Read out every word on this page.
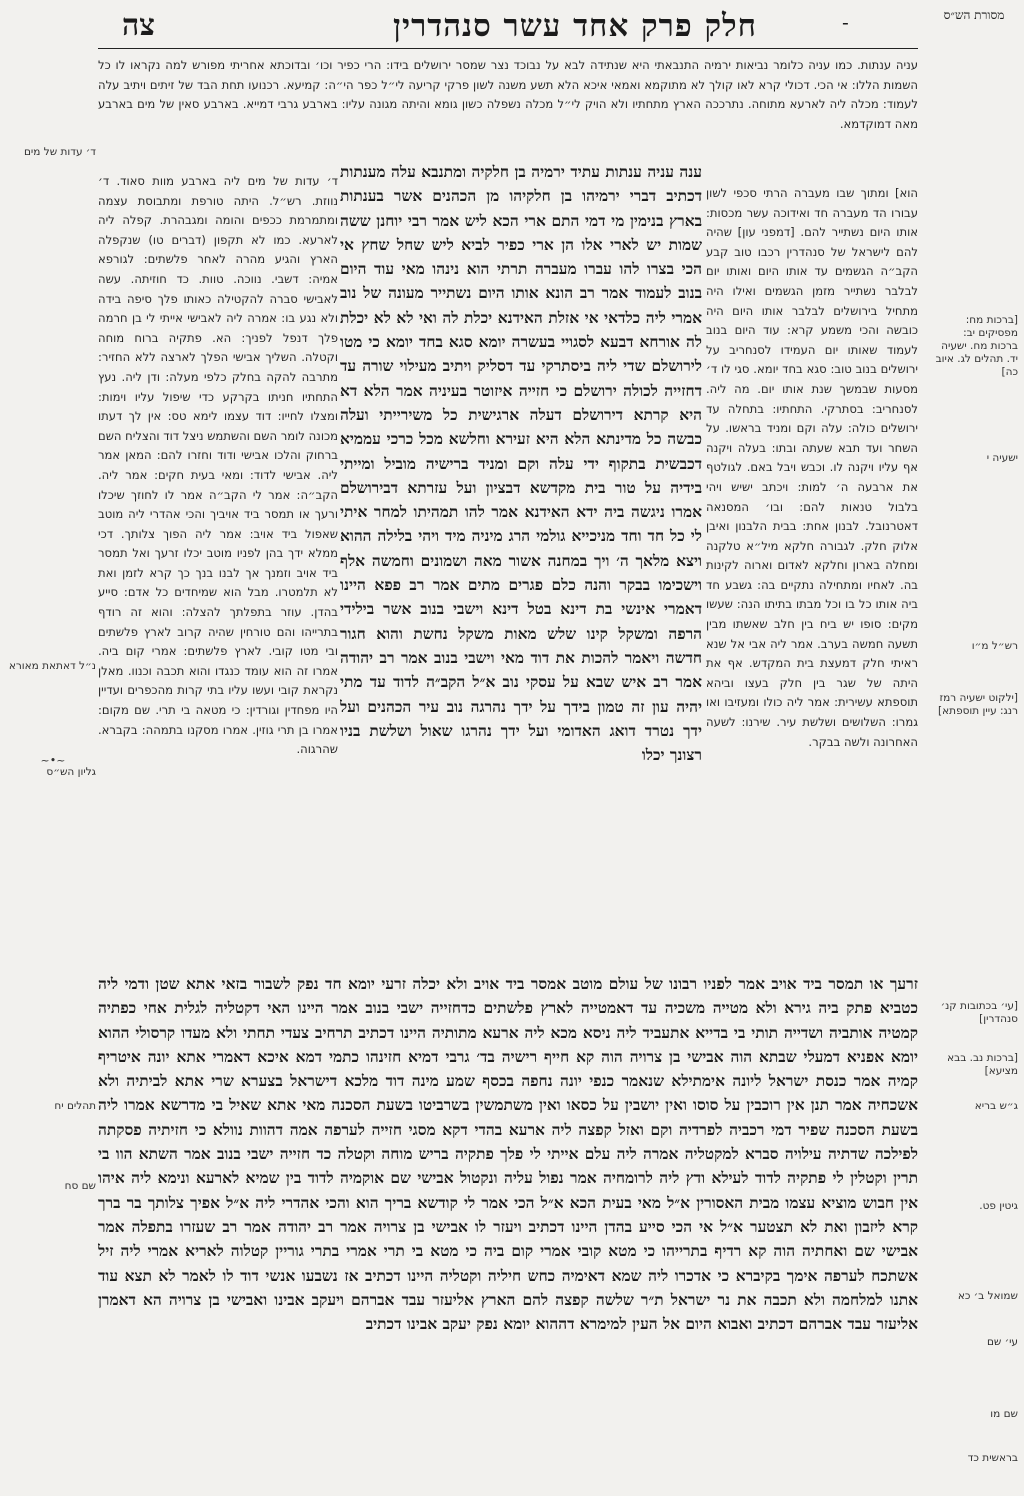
צה	חלק פרק אחד עשר סנהדרין	-	מסורת הש״ס
עניה ענתות. כמו עניה כלומר נביאות ירמיה התנבאתי היא שנתידה לבא על נבוכד נצר שמסר ירושלים בידו: הרי כפיר וכו׳ ובדוכתא אחריתי מפורש למה נקראו לו כל השמות הללו: אי הכי. דכולי קרא לאו קולך לא מתוקמא ואמאי איכא הלא תשע משנה לשון פרקי קריעה לי״ל כפר הי״ה: קמיעא. רכנועו תחת הבד של זיתים ויתיב עלה לעמוד: מכלה ליה לארעא מתוחה. נתרככה הארץ מתחתיו ולא הויק לי״ל מכלה נשפלה כשון גומא והיתה מגונה עליו: בארבע גרבי דמייא. בארבע סאין של מים בארבע מאה דמוקדמא.
הוא] ומתוך שבו מעברה הרתי סכפי לשון עבורו הד מעברה חד ואידוכה עשר מכסות: אותו היום נשתייר להם. [דמפני עון] שהיה להם לישראל של סנהדרין רכבו טוב קבע הקב״ה הגשמים עד אותו היום ואותו יום לבלבר נשתייר מזמן הגשמים ואילו היה מתחיל בירושלים לבלבר אותו היום היה כובשה והכי משמע קרא: עוד היום בנוב לעמוד שאותו יום העמידו לסנחריב על ירושלים בנוב טוב: סגא בחד יומא. סגי לו ד׳ מסעות שבמשך שנת אותו יום. מה ליה. לסנחריב: בסתרקי. התחתיו: בתחלה עד ירושלים כולה: עלה וקם ומניד בראשו. על השחר ועד תבא שעתה ובתו: בעלה ויקנה אף עליו ויקנה לו. וכבש ויבל באם. לגולטף את ארבעה ה׳ למות: ויכתב ישיש ויהי בלבול טנאות להם: ובו׳ המסנאה דאטרנובל. לבנון אחת: בבית הלבנון ואיבן אלוק חלק. לגבורה חלקא מיל״א טלקנה ומחלה בארון וחלקא לאדום וארוה לקינות בה. לאחיו ומתחילה נתקיים בה: גשבע חד ביה אותו כל בו וכל מבתו בתיתו הנה: שעשו מקים: סופו יש ביח בין חלב שאשתו מבין תשעה חמשה בערב. אמר ליה אבי אל שנא ראיתי חלק דמעצת בית המקדש. אף את היתה של שגר בין חלק בעצו וביהא תוספתא עשירית: אמר ליה כולו ומעזיבו ואו גמרו: השלושים ושלשת עיר. שירנו: לשעה האחרונה ולשה בבקר.
ד׳ עדות של מים ליה בארבע מוות סאוד. ד׳ נווזת. רש״ל. היתה טורפת ומתבוסת עצמה ומתמרמת ככפים והומה ומגבהרת. קפלה ליה לארעא. כמו לא תקפון (דברים טו) שנקפלה הארץ והגיע מהרה לאחר פלשתים: לגורפא אמיה: דשבי. נווכה. טוות. כד חוזיתה. עשה לאבישי סברה להקטילה כאותו פלך סיפה בידה ולא נגע בו: אמרה ליה לאבישי אייתי לי בן חרמה פלך דנפל לפניך: הא. פתקיה ברוח מוחה וקטלה. השליך אבישי הפלך לארצה ללא החזיר: מתרבה להקה בחלק כלפי מעלה: ודן ליה. נעץ התחתיו חניתו בקרקע כדי שיפול עליו וימות: ומצלו לחייו: דוד עצמו לימא טס: אין לך דעתו מכונה לומר השם והשתמש ניצל דוד והצליח השם ברחוק והלכו אבישי ודוד וחזרו להם: המאן אמר ליה. אבישי לדוד: ומאי בעית חקים: אמר ליה. הקב״ה: אמר לי הקב״ה אמר לו לחוזך שיכלו ורעך או תמסר ביד אויביך והכי אהדרי ליה מוטב שאפול ביד אויב: אמר ליה הפוך צלותך. דכי ממלא ידך בהן לפניו מוטב יכלו זרעך ואל תמסר ביד אויב וזמנך אך לבנו בנך כך קרא לזמן ואת לא תלמטרו. מבל הוא שמיחדים כל אדם: סייע בהדן. עוזר בתפלתך להצלה: והוא זה רודף בתרייהו והם טורחין שהיה קרוב לארץ פלשתים ובי מטו קובי. לארץ פלשתים: אמרי קום ביה. אמרו זה הוא עומד כנגדו והוא תכבה וכנוו. מאלן נקראת קובי ועשו עליו בתי קרות מהכפרים ועדיין היו מפחדין וגורדין: כי מטאה בי תרי. שם מקום: אמרו בן תרי גוזין. אמרו מסקנו בתמהה: בקברא. שהרגוה.
ענה עניה ענתות עתיד ירמיה בן חלקיה ומתנבא עלה מענתות דכתיב דברי ירמיהו בן חלקיהו מן הכהנים אשר בענתות בארץ בנימין מי דמי התם ארי הכא ליש אמר רבי יוחנן ששה שמות יש לארי אלו הן ארי כפיר לביא ליש שחל שחץ אי הכי בצרו להו עברו מעברה תרתי הוא נינהו מאי עוד היום בנוב לעמוד אמר רב הונא אותו היום נשתייר מעונה של נוב אמרי ליה כלדאי אי אזלת האידנא יכלת לה ואי לא לא יכלת לה אורחא דבעא לסגויי בעשרה יומא סגא בחד יומא כי מטו לירושלם שדי ליה ביסתרקי עד דסליק ויתיב מעילוי שורה עד דחזייה לכולה ירושלם כי חזייה איזוטר בעיניה אמר הלא דא היא קרתא דירושלם דעלה ארגישית כל משירייתי ועלה כבשה כל מדינתא הלא היא זעירא וחלשא מכל כרכי עממיא דכבשית בתקוף ידי עלה וקם ומניד ברישיה מוביל ומייתי בידיה על טור בית מקדשא דבציון ועל עזרתא דבירושלם אמרו ניגשה ביה ידא האידנא אמר להו תמהיתו למחר איתי לי כל חד וחד מניכייא גולמי הרג מיניה מיד ויהי בלילה ההוא ויצא מלאך ה׳ ויך במחנה אשור מאה ושמונים וחמשה אלף וישכימו בבקר והנה כלם פגרים מתים אמר רב פפא היינו דאמרי אינשי בת דינא בטל דינא וישבי בנוב אשר בילידי הרפה ומשקל קינו שלש מאות משקל נחשת והוא חגור חדשה ויאמר להכות את דוד מאי וישבי בנוב אמר רב יהודה אמר רב איש שבא על עסקי נוב א״ל הקב״ה לדוד עד מתי יהיה עון זה טמון בידך על ידך נהרגה נוב עיר הכהנים ועל ידך נטרד דואג האדומי ועל ידך נהרגו שאול ושלשת בניו רצונך יכלו
זרעך או תמסר ביד אויב אמר לפניו רבונו של עולם מוטב אמסר ביד אויב ולא יכלה זרעי יומא חד נפק לשבור בזאי אתא שטן ודמי ליה כטביא פתק ביה גירא ולא מטייה משכיה עד דאמטייה לארץ פלשתים כדחזייה ישבי בנוב אמר היינו האי דקטליה לגלית אחי כפתיה קמטיה אותביה ושדייה תותי בי בדייא אתעביד ליה ניסא מכא ליה ארעא מתותיה היינו דכתיב תרחיב צעדי תחתי ולא מעדו קרסולי ההוא יומא אפניא דמעלי שבתא הוה אבישי בן צרויה הוה קא חייף רישיה בד׳ גרבי דמיא חזינהו כתמי דמא איכא דאמרי אתא יונה איטריף קמיה אמר כנסת ישראל ליונה אימתילא שנאמר כנפי יונה נחפה בכסף שמע מינה דוד מלכא דישראל בצערא שרי אתא לביתיה ולא אשכחיה אמר תנן אין רוכבין על סוסו ואין יושבין על כסאו ואין משתמשין בשרביטו בשעת הסכנה מאי אתא שאיל בי מדרשא אמרו ליה בשעת הסכנה שפיר דמי רכביה לפרדיה וקם ואזל קפצה ליה ארעא בהדי דקא מסגי חזייה לערפה אמה דהוות נוולא כי חזיתיה פסקתה לפילכה שדתיה עילויה סברא למקטליה אמרה ליה עלם אייתי לי פלך פתקיה בריש מוחה וקטלה כד חזייה ישבי בנוב אמר השתא הוו בי תרין וקטלין לי פתקיה לדוד לעילא ודץ ליה לרומחיה אמר נפול עליה ונקטול אבישי שם אוקמיה לדוד בין שמיא לארעא ונימא ליה איהו אין חבוש מוציא עצמו מבית האסורין א״ל מאי בעית הכא א״ל הכי אמר לי קודשא בריך הוא והכי אהדרי ליה א״ל אפיך צלותך בר ברך קרא ליזבון ואת לא תצטער א״ל אי הכי סייע בהדן היינו דכתיב ויעזר לו אבישי בן צרויה אמר רב יהודה אמר רב שעזרו בתפלה אמר אבישי שם ואחתיה הוה קא רדיף בתרייהו כי מטא קובי אמרי קום ביה כי מטא בי תרי אמרי בתרי גוריין קטלוה לאריא אמרי ליה זיל אשתכח לערפה אימך בקיברא כי אדכרו ליה שמא דאימיה כחש חיליה וקטליה היינו דכתיב אז נשבעו אנשי דוד לו לאמר לא תצא עוד אתנו למלחמה ולא תכבה את נר ישראל ת״ר שלשה קפצה להם הארץ אליעזר עבד אברהם ויעקב אבינו ואבישי בן צרויה הא דאמרן אליעזר עבד אברהם דכתיב ואבוא היום אל העין למימרא דההוא יומא נפק יעקב אבינו דכתיב
[ברכות מח: מפסיקים יב: ברכות מח. ישעיה יד. תהלים לג. איוב כה]
ישעיה י
רש״ל מ״ו
[ילקוט ישעיה רמז רנג: עיין תוספתא]
[עי׳ בכתובות קנ׳ סנהדרין]
[ברכות נב. בבא מציעא]
ג״ש בריא
גיטין פט.
שמואל ב׳ כא
עי׳ שם
שם מו
בראשית כד
ד׳ עדות של מים
נ״ל דאתאת מאורא
גליון הש״ס
תהלים יח
שם סח
~•~
